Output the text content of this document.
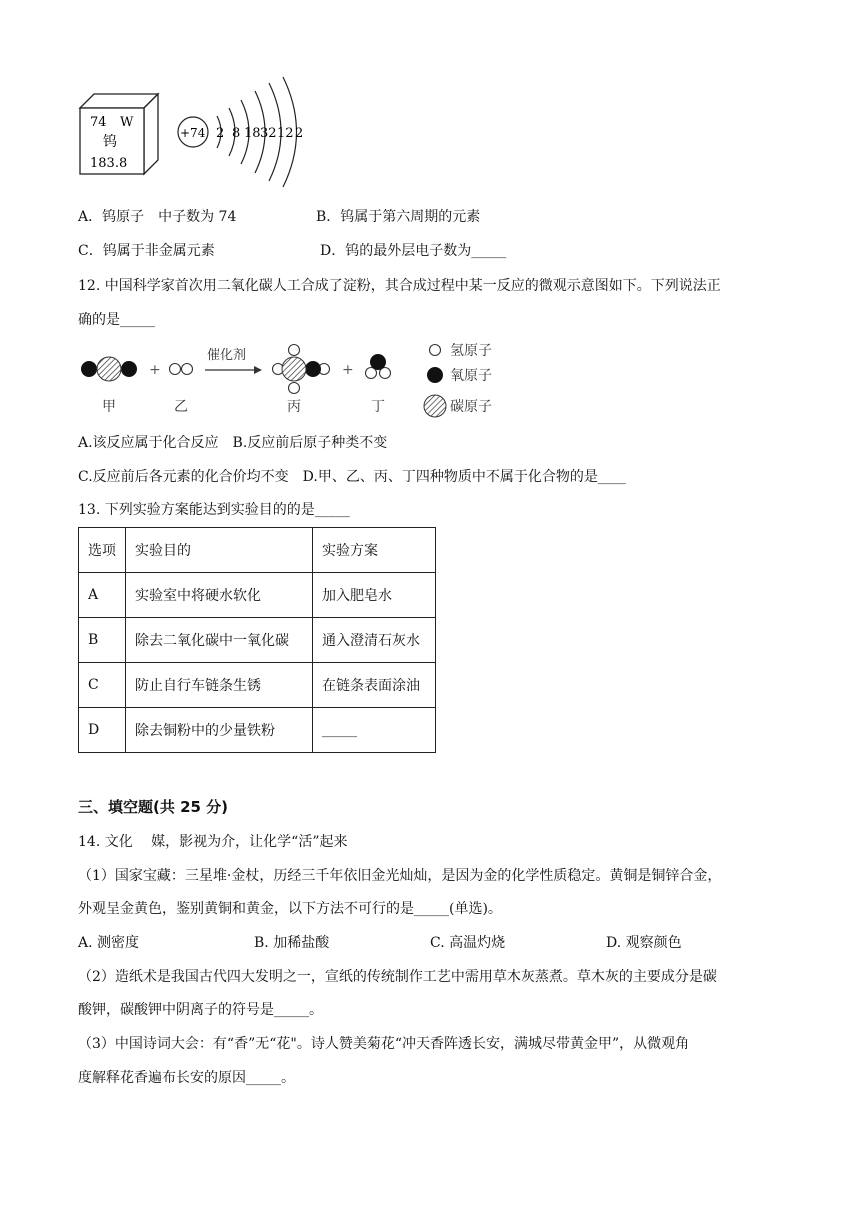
74 W
钨
183.8
+74 2 8 18 32 12 2
A．钨原子　中子数为 74	B．钨属于第六周期的元素
C．钨属于非金属元素	D．钨的最外层电子数为_____
12. 中国科学家首次用二氧化碳人工合成了淀粉，其合成过程中某一反应的微观示意图如下。下列说法正
确的是_____
+
催化剂
+
甲	乙	丙	丁
氢原子
氧原子
碳原子
A.该反应属于化合反应　B.反应前后原子种类不变
C.反应前后各元素的化合价均不变　D.甲、乙、丙、丁四种物质中不属于化合物的是____
13. 下列实验方案能达到实验目的的是_____
选项	实验目的	实验方案
A	实验室中将硬水软化	加入肥皂水
B	除去二氧化碳中一氧化碳	通入澄清石灰水
C	防止自行车链条生锈	在链条表面涂油
D	除去铜粉中的少量铁粉	_____
三、填空题(共 25 分)
14. 文化　 媒，影视为介，让化学“活”起来
（1）国家宝藏：三星堆·金杖，历经三千年依旧金光灿灿，是因为金的化学性质稳定。黄铜是铜锌合金，
外观呈金黄色，鉴别黄铜和黄金，以下方法不可行的是_____(单选)。
A. 测密度	B. 加稀盐酸	C. 高温灼烧	D. 观察颜色
（2）造纸术是我国古代四大发明之一，宣纸的传统制作工艺中需用草木灰蒸煮。草木灰的主要成分是碳
酸钾，碳酸钾中阴离子的符号是_____。
（3）中国诗词大会：有“香”无“花"。诗人赞美菊花“冲天香阵透长安，满城尽带黄金甲”，从微观角
度解释花香遍布长安的原因_____。
